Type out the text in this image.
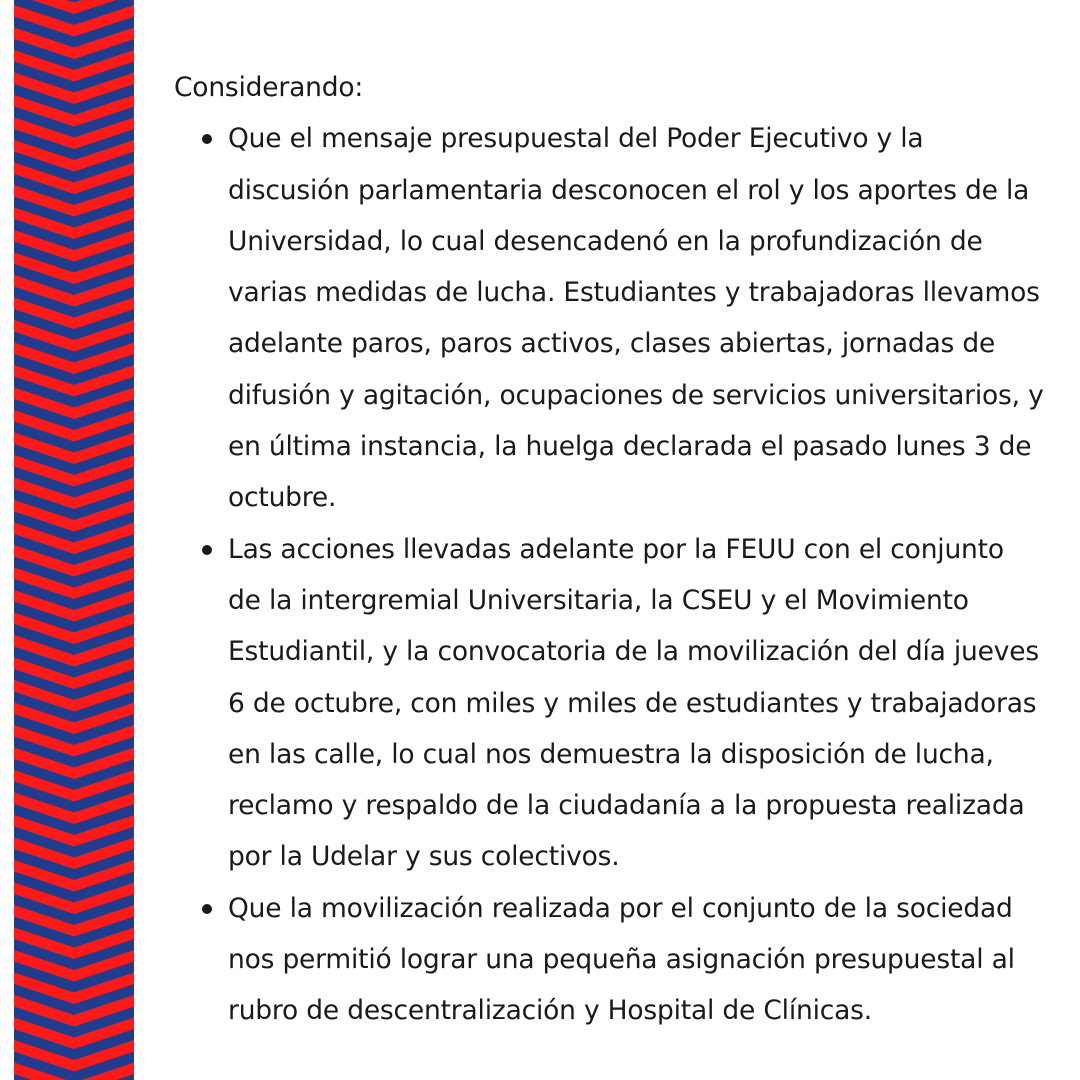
Considerando:
Que el mensaje presupuestal del Poder Ejecutivo y la discusión parlamentaria desconocen el rol y los aportes de la Universidad, lo cual desencadenó en la profundización de varias medidas de lucha. Estudiantes y trabajadoras llevamos adelante paros, paros activos, clases abiertas, jornadas de difusión y agitación, ocupaciones de servicios universitarios, y en última instancia, la huelga declarada el pasado lunes 3 de octubre.
Las acciones llevadas adelante por la FEUU con el conjunto de la intergremial Universitaria, la CSEU y el Movimiento Estudiantil, y la convocatoria de la movilización del día jueves 6 de octubre, con miles y miles de estudiantes y trabajadoras en las calle, lo cual nos demuestra la disposición de lucha, reclamo y respaldo de la ciudadanía a la propuesta realizada por la Udelar y sus colectivos.
Que la movilización realizada por el conjunto de la sociedad nos permitió lograr una pequeña asignación presupuestal al rubro de descentralización y Hospital de Clínicas.
